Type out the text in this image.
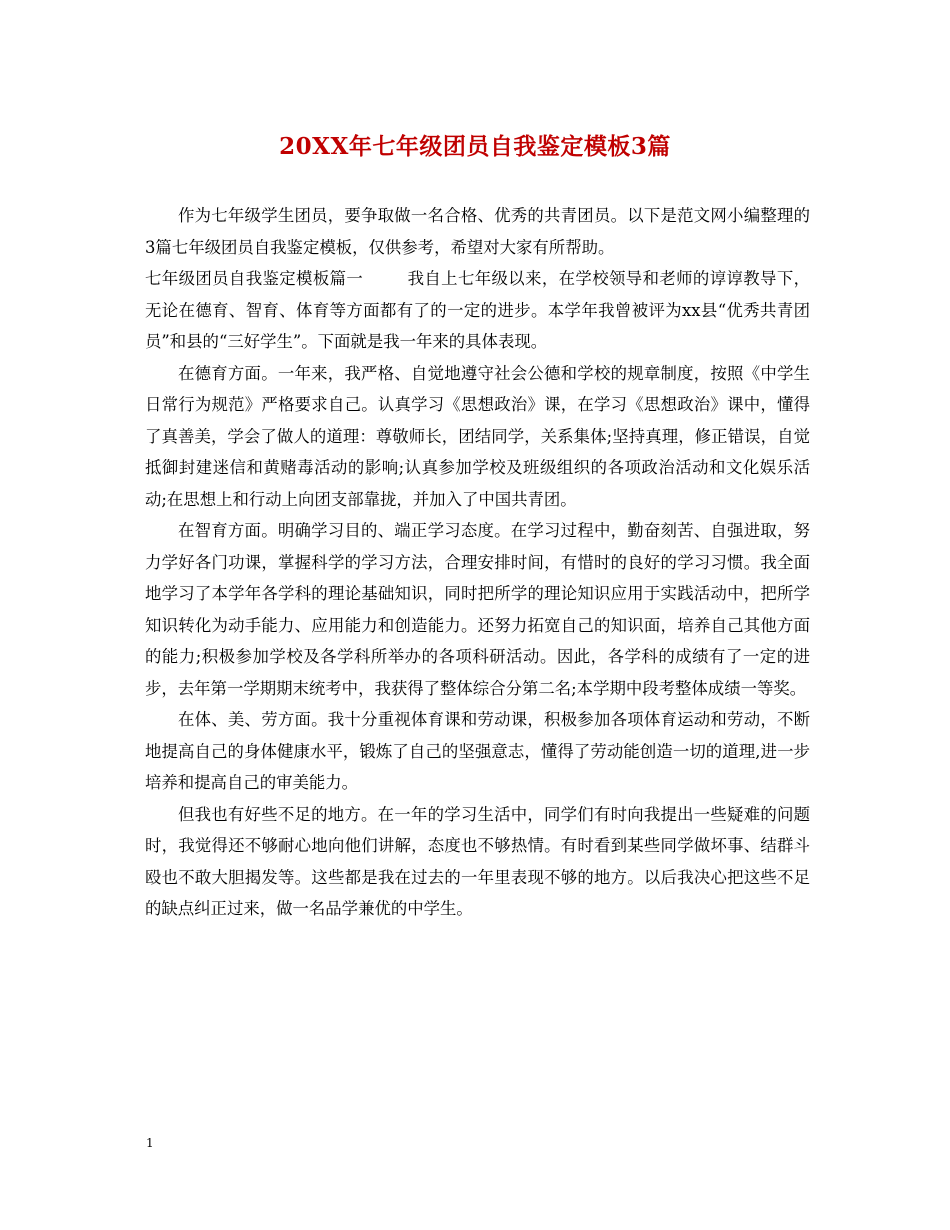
20XX年七年级团员自我鉴定模板3篇

作为七年级学生团员，要争取做一名合格、优秀的共青团员。以下是范文网小编整理的3篇七年级团员自我鉴定模板，仅供参考，希望对大家有所帮助。

七年级团员自我鉴定模板篇一	我自上七年级以来，在学校领导和老师的谆谆教导下，无论在德育、智育、体育等方面都有了的一定的进步。本学年我曾被评为xx县“优秀共青团员”和县的“三好学生”。下面就是我一年来的具体表现。

在德育方面。一年来，我严格、自觉地遵守社会公德和学校的规章制度，按照《中学生日常行为规范》严格要求自己。认真学习《思想政治》课，在学习《思想政治》课中，懂得了真善美，学会了做人的道理：尊敬师长，团结同学，关系集体;坚持真理，修正错误，自觉抵御封建迷信和黄赌毒活动的影响;认真参加学校及班级组织的各项政治活动和文化娱乐活动;在思想上和行动上向团支部靠拢，并加入了中国共青团。

在智育方面。明确学习目的、端正学习态度。在学习过程中，勤奋刻苦、自强进取，努力学好各门功课，掌握科学的学习方法，合理安排时间，有惜时的良好的学习习惯。我全面地学习了本学年各学科的理论基础知识，同时把所学的理论知识应用于实践活动中，把所学知识转化为动手能力、应用能力和创造能力。还努力拓宽自己的知识面，培养自己其他方面的能力;积极参加学校及各学科所举办的各项科研活动。因此，各学科的成绩有了一定的进步，去年第一学期期末统考中，我获得了整体综合分第二名;本学期中段考整体成绩一等奖。

在体、美、劳方面。我十分重视体育课和劳动课，积极参加各项体育运动和劳动，不断地提高自己的身体健康水平，锻炼了自己的坚强意志，懂得了劳动能创造一切的道理,进一步培养和提高自己的审美能力。

但我也有好些不足的地方。在一年的学习生活中，同学们有时向我提出一些疑难的问题时，我觉得还不够耐心地向他们讲解，态度也不够热情。有时看到某些同学做坏事、结群斗殴也不敢大胆揭发等。这些都是我在过去的一年里表现不够的地方。以后我决心把这些不足的缺点纠正过来，做一名品学兼优的中学生。

1
